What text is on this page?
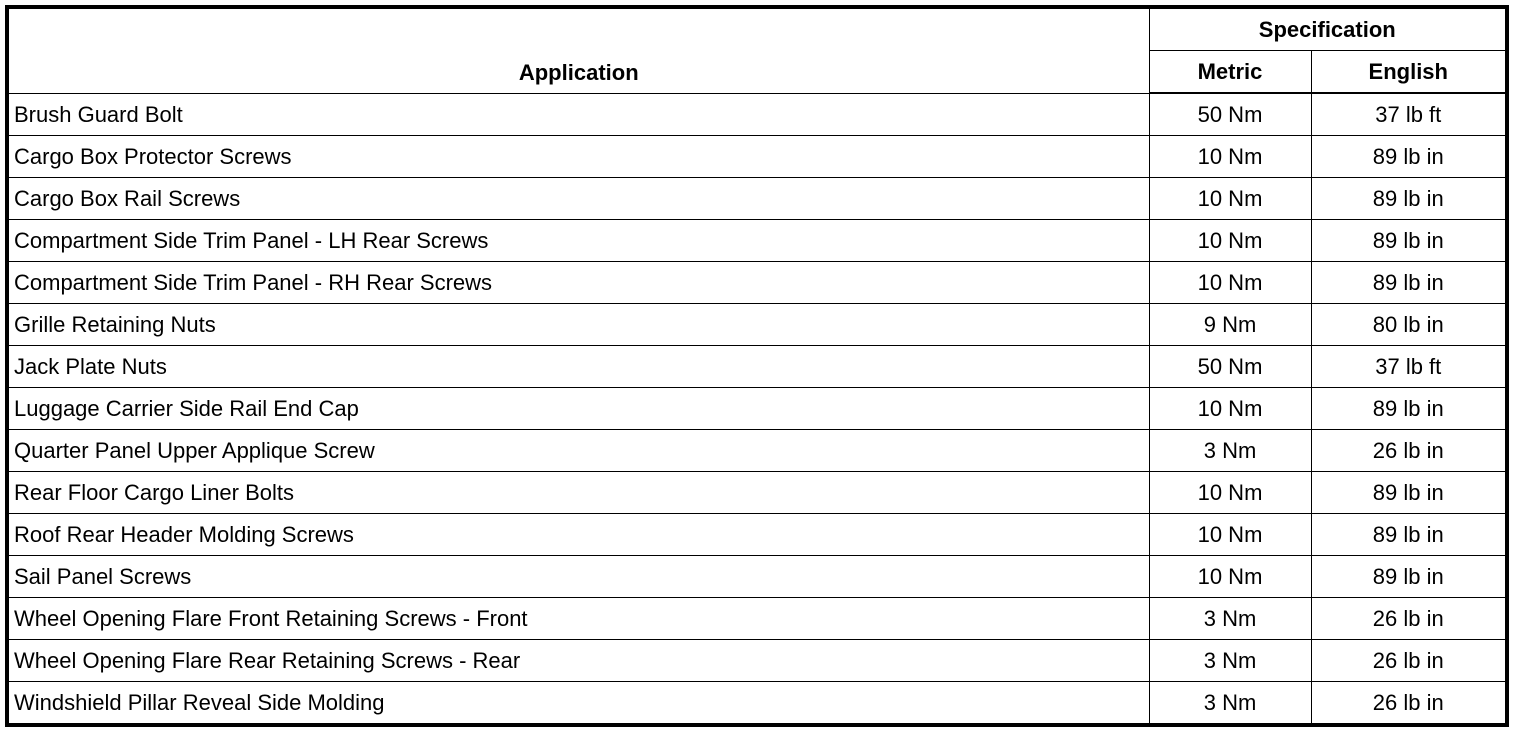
Application	Specification	
	Metric	English
Brush Guard Bolt	50 Nm	37 lb ft
Cargo Box Protector Screws	10 Nm	89 lb in
Cargo Box Rail Screws	10 Nm	89 lb in
Compartment Side Trim Panel - LH Rear Screws	10 Nm	89 lb in
Compartment Side Trim Panel - RH Rear Screws	10 Nm	89 lb in
Grille Retaining Nuts	9 Nm	80 lb in
Jack Plate Nuts	50 Nm	37 lb ft
Luggage Carrier Side Rail End Cap	10 Nm	89 lb in
Quarter Panel Upper Applique Screw	3 Nm	26 lb in
Rear Floor Cargo Liner Bolts	10 Nm	89 lb in
Roof Rear Header Molding Screws	10 Nm	89 lb in
Sail Panel Screws	10 Nm	89 lb in
Wheel Opening Flare Front Retaining Screws - Front	3 Nm	26 lb in
Wheel Opening Flare Rear Retaining Screws - Rear	3 Nm	26 lb in
Windshield Pillar Reveal Side Molding	3 Nm	26 lb in
